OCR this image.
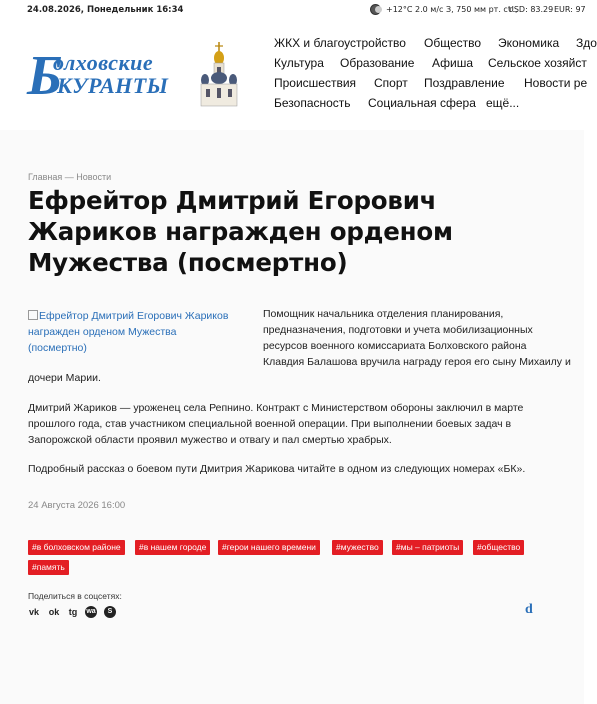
24.08.2026, Понедельник 16:34	+12°C 2.0 м/с З, 750 мм рт. ст.,
USD: 83.29 EUR: 97
Б
олховские
КУРАНТЫ
ЖКХ и благоустройство Общество Экономика Здо
Культура Образование Афиша Сельское хозяйст
Происшествия Спорт Поздравление Новости ре
Безопасность Социальная сфера ещё...
Главная — Новости
Ефрейтор Дмитрий Егорович
Жариков награжден орденом
Мужества (посмертно)
Ефрейтор Дмитрий Егорович Жариков
награжден орденом Мужества
(посмертно)
Помощник начальника отделения планирования,
предназначения, подготовки и учета мобилизационных
ресурсов военного комиссариата Болховского района
Клавдия Балашова вручила награду героя его сыну Михаилу и
дочери Марии.
Дмитрий Жариков — уроженец села Репнино. Контракт с Министерством обороны заключил в марте
прошлого года, став участником специальной военной операции. При выполнении боевых задач в
Запорожской области проявил мужество и отвагу и пал смертью храбрых.
Подробный рассказ о боевом пути Дмитрия Жарикова читайте в одном из следующих номерах «БК».
24 Августа 2026 16:00
#в болховском районе	#в нашем городе	#герои нашего времени	#мужество	#мы – патриоты	#общество
#память
Поделиться в соцсетях:
vk ok tg wa	S	d
